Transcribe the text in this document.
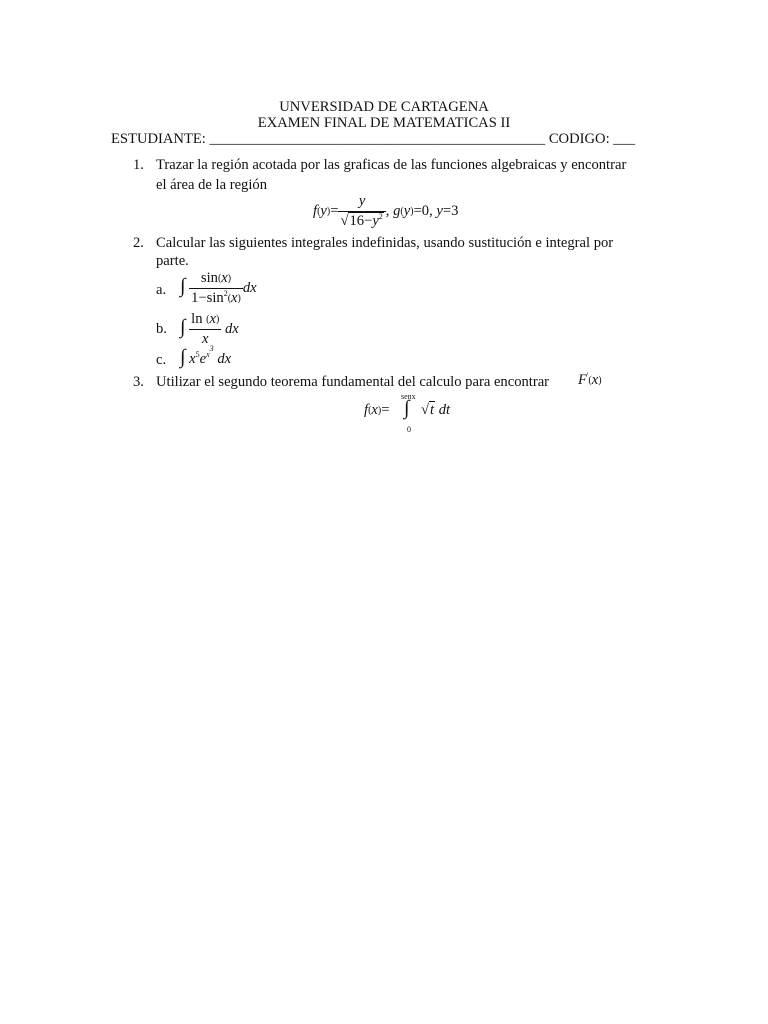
UNVERSIDAD DE CARTAGENA
EXAMEN FINAL DE MATEMATICAS II
ESTUDIANTE: ______________________________________________ CODIGO: ___
1. Trazar la región acotada por las graficas de las funciones algebraicas y encontrar
el área de la región
$f(y)= \frac{y}{√16-y^2}$ , g(y)=0, y=3
2. Calcular las siguientes integrales indefinidas, usando sustitución e integral por
parte.
a. ∫ $\frac{\sin(x)}{1-\sin^2(x)}$ dx
b. ∫ $\frac{\ln (x)}{x}$ dx
c. ∫ $x^5e^{x^3}$ dx
3. Utilizar el segundo teorema fundamental del calculo para encontrar F'(x)
f(x)=
senx
∫
0
√t dt
